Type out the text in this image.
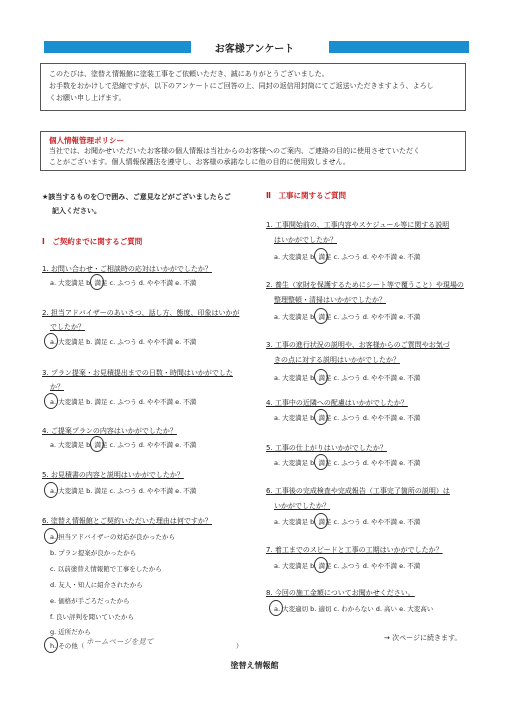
お客様アンケート
このたびは、塗替え情報館に塗装工事をご依頼いただき、誠にありがとうございました。
お手数をおかけして恐縮ですが、以下のアンケートにご回答の上、同封の返信用封筒にてご返送いただきますよう、よろし
くお願い申し上げます。
個人情報管理ポリシー
当社では、お聞かせいただいたお客様の個人情報は当社からのお客様へのご案内、ご連絡の目的に使用させていただく
ことがございます。個人情報保護法を遵守し、お客様の承諾なしに他の目的に使用致しません。
★該当するものを〇で囲み、ご意見などがございましたらご
記入ください。
Ⅰ　ご契約までに関するご質問
1. お問い合わせ・ご相談時の応対はいかがでしたか？
a. 大変満足 b. 満足 c. ふつう d. やや不満 e. 不満
2. 担当アドバイザーのあいさつ、話し方、態度、印象はいかが
でしたか？
a. 大変満足 b. 満足 c. ふつう d. やや不満 e. 不満
3. プラン提案・お見積提出までの日数・時間はいかがでした
か？
a. 大変満足 b. 満足 c. ふつう d. やや不満 e. 不満
4. ご提案プランの内容はいかがでしたか？
a. 大変満足 b. 満足 c. ふつう d. やや不満 e. 不満
5. お見積書の内容と説明はいかがでしたか？
a. 大変満足 b. 満足 c. ふつう d. やや不満 e. 不満
6. 塗替え情報館とご契約いただいた理由は何ですか？
a. 担当アドバイザーの対応が良かったから
b. プラン提案が良かったから
c. 以前塗替え情報館で工事をしたから
d. 友人・知人に紹介されたから
e. 価格が手ごろだったから
f. 良い評判を聞いていたから
g. 近所だから
h. その他（ ホームページを見て	）
Ⅱ　工事に関するご質問
1. 工事開始前の、工事内容やスケジュール等に関する説明
はいかがでしたか？
a. 大変満足 b. 満足 c. ふつう d. やや不満 e. 不満
2. 養生（家財を保護するためにシート等で覆うこと）や現場の
整理整頓・清掃はいかがでしたか？
a. 大変満足 b. 満足 c. ふつう d. やや不満 e. 不満
3. 工事の進行状況の説明や、お客様からのご質問やお気づ
きの点に対する説明はいかがでしたか？
a. 大変満足 b. 満足 c. ふつう d. やや不満 e. 不満
4. 工事中の近隣への配慮はいかがでしたか？
a. 大変満足 b. 満足 c. ふつう d. やや不満 e. 不満
5. 工事の仕上がりはいかがでしたか？
a. 大変満足 b. 満足 c. ふつう d. やや不満 e. 不満
6. 工事後の完成検査や完成報告（工事完了箇所の説明）は
いかがでしたか？
a. 大変満足 b. 満足 c. ふつう d. やや不満 e. 不満
7. 着工までのスピードと工事の工期はいかがでしたか？
a. 大変満足 b. 満足 c. ふつう d. やや不満 e. 不満
8. 今回の施工金額についてお聞かせください。
a. 大変適切 b. 適切 c. わからない d. 高い e. 大変高い
→ 次ページに続きます。
塗替え情報館
